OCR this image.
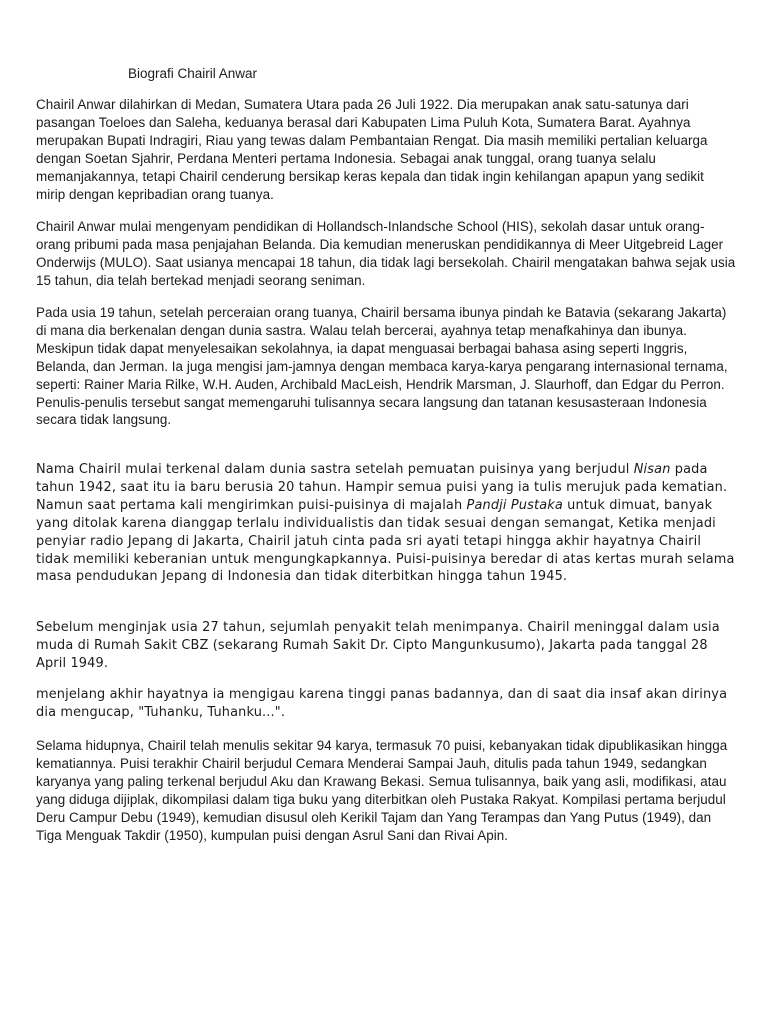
Biografi Chairil Anwar

Chairil Anwar dilahirkan di Medan, Sumatera Utara pada 26 Juli 1922. Dia merupakan anak satu-satunya dari pasangan Toeloes dan Saleha, keduanya berasal dari Kabupaten Lima Puluh Kota, Sumatera Barat. Ayahnya merupakan Bupati Indragiri, Riau yang tewas dalam Pembantaian Rengat. Dia masih memiliki pertalian keluarga dengan Soetan Sjahrir, Perdana Menteri pertama Indonesia. Sebagai anak tunggal, orang tuanya selalu memanjakannya, tetapi Chairil cenderung bersikap keras kepala dan tidak ingin kehilangan apapun yang sedikit mirip dengan kepribadian orang tuanya.

Chairil Anwar mulai mengenyam pendidikan di Hollandsch-Inlandsche School (HIS), sekolah dasar untuk orang-orang pribumi pada masa penjajahan Belanda. Dia kemudian meneruskan pendidikannya di Meer Uitgebreid Lager Onderwijs (MULO). Saat usianya mencapai 18 tahun, dia tidak lagi bersekolah. Chairil mengatakan bahwa sejak usia 15 tahun, dia telah bertekad menjadi seorang seniman.

Pada usia 19 tahun, setelah perceraian orang tuanya, Chairil bersama ibunya pindah ke Batavia (sekarang Jakarta) di mana dia berkenalan dengan dunia sastra. Walau telah bercerai, ayahnya tetap menafkahinya dan ibunya. Meskipun tidak dapat menyelesaikan sekolahnya, ia dapat menguasai berbagai bahasa asing seperti Inggris, Belanda, dan Jerman. Ia juga mengisi jam-jamnya dengan membaca karya-karya pengarang internasional ternama, seperti: Rainer Maria Rilke, W.H. Auden, Archibald MacLeish, Hendrik Marsman, J. Slaurhoff, dan Edgar du Perron. Penulis-penulis tersebut sangat memengaruhi tulisannya secara langsung dan tatanan kesusasteraan Indonesia secara tidak langsung.

Nama Chairil mulai terkenal dalam dunia sastra setelah pemuatan puisinya yang berjudul Nisan pada tahun 1942, saat itu ia baru berusia 20 tahun. Hampir semua puisi yang ia tulis merujuk pada kematian. Namun saat pertama kali mengirimkan puisi-puisinya di majalah Pandji Pustaka untuk dimuat, banyak yang ditolak karena dianggap terlalu individualistis dan tidak sesuai dengan semangat, Ketika menjadi penyiar radio Jepang di Jakarta, Chairil jatuh cinta pada sri ayati tetapi hingga akhir hayatnya Chairil tidak memiliki keberanian untuk mengungkapkannya. Puisi-puisinya beredar di atas kertas murah selama masa pendudukan Jepang di Indonesia dan tidak diterbitkan hingga tahun 1945.

Sebelum menginjak usia 27 tahun, sejumlah penyakit telah menimpanya. Chairil meninggal dalam usia muda di Rumah Sakit CBZ (sekarang Rumah Sakit Dr. Cipto Mangunkusumo), Jakarta pada tanggal 28 April 1949.

menjelang akhir hayatnya ia mengigau karena tinggi panas badannya, dan di saat dia insaf akan dirinya dia mengucap, "Tuhanku, Tuhanku...".

Selama hidupnya, Chairil telah menulis sekitar 94 karya, termasuk 70 puisi, kebanyakan tidak dipublikasikan hingga kematiannya. Puisi terakhir Chairil berjudul Cemara Menderai Sampai Jauh, ditulis pada tahun 1949, sedangkan karyanya yang paling terkenal berjudul Aku dan Krawang Bekasi. Semua tulisannya, baik yang asli, modifikasi, atau yang diduga dijiplak, dikompilasi dalam tiga buku yang diterbitkan oleh Pustaka Rakyat. Kompilasi pertama berjudul Deru Campur Debu (1949), kemudian disusul oleh Kerikil Tajam dan Yang Terampas dan Yang Putus (1949), dan Tiga Menguak Takdir (1950), kumpulan puisi dengan Asrul Sani dan Rivai Apin.
